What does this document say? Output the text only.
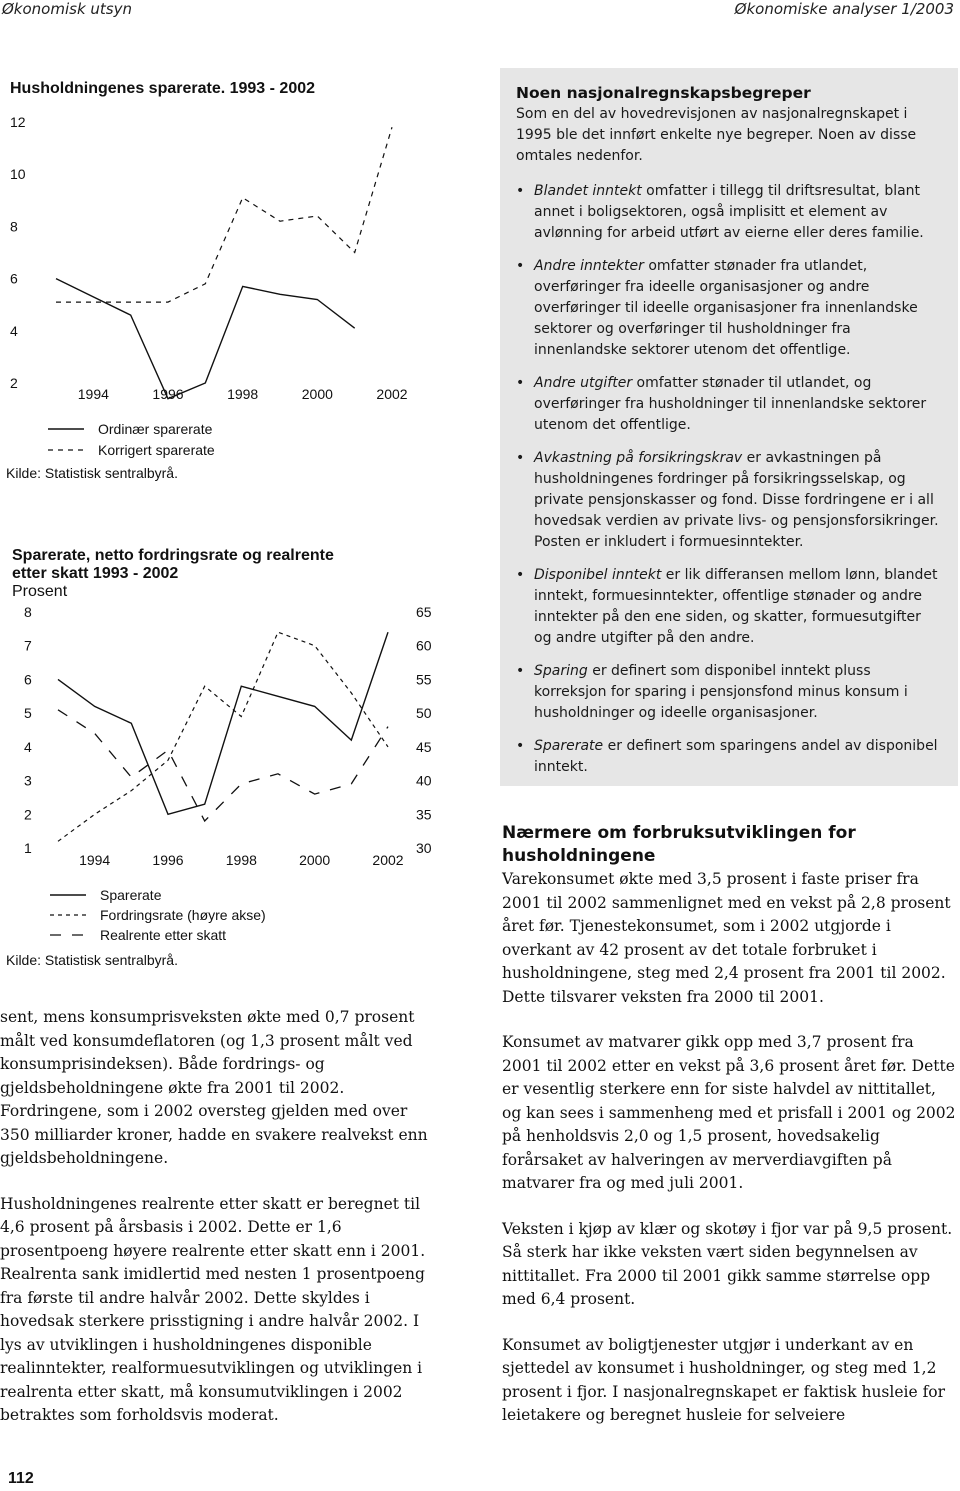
Økonomisk utsyn	Økonomiske analyser 1/2003
Husholdningenes sparerate. 1993 - 2002
12
10
8
6
4
2
1994	1996	1998	2000	2002
Ordinær sparerate
Korrigert sparerate
Kilde: Statistisk sentralbyrå.
Sparerate, netto fordringsrate og realrente
etter skatt 1993 - 2002
Prosent
8
7
6
5
4
3
2
1
65
60
55
50
45
40
35
30
1994	1996	1998	2000	2002
Sparerate
Fordringsrate (høyre akse)
Realrente etter skatt
Kilde: Statistisk sentralbyrå.

sent, mens konsumprisveksten økte med 0,7 prosent målt ved konsumdeflatoren (og 1,3 prosent målt ved konsumprisindeksen). Både fordrings- og gjeldsbeholdningene økte fra 2001 til 2002. Fordringene, som i 2002 oversteg gjelden med over 350 milliarder kroner, hadde en svakere realvekst enn gjeldsbeholdningene.

Husholdningenes realrente etter skatt er beregnet til 4,6 prosent på årsbasis i 2002. Dette er 1,6 prosentpoeng høyere realrente etter skatt enn i 2001. Realrenta sank imidlertid med nesten 1 prosentpoeng fra første til andre halvår 2002. Dette skyldes i hovedsak sterkere prisstigning i andre halvår 2002. I lys av utviklingen i husholdningenes disponible realinntekter, realformuesutviklingen og utviklingen i realrenta etter skatt, må konsumutviklingen i 2002 betraktes som forholdsvis moderat.

Noen nasjonalregnskapsbegreper

Som en del av hovedrevisjonen av nasjonalregnskapet i 1995 ble det innført enkelte nye begreper. Noen av disse omtales nedenfor.

• Blandet inntekt omfatter i tillegg til driftsresultat, blant annet i boligsektoren, også implisitt et element av avlønning for arbeid utført av eierne eller deres familie.
• Andre inntekter omfatter stønader fra utlandet, overføringer fra ideelle organisasjoner og andre overføringer til ideelle organisasjoner fra innenlandske sektorer og overføringer til husholdninger fra innenlandske sektorer utenom det offentlige.
• Andre utgifter omfatter stønader til utlandet, og overføringer fra husholdninger til innenlandske sektorer utenom det offentlige.
• Avkastning på forsikringskrav er avkastningen på husholdningenes fordringer på forsikringsselskap, og private pensjonskasser og fond. Disse fordringene er i all hovedsak verdien av private livs- og pensjonsforsikringer. Posten er inkludert i formuesinntekter.
• Disponibel inntekt er lik differansen mellom lønn, blandet inntekt, formuesinntekter, offentlige stønader og andre inntekter på den ene siden, og skatter, formuesutgifter og andre utgifter på den andre.
• Sparing er definert som disponibel inntekt pluss korreksjon for sparing i pensjonsfond minus konsum i husholdninger og ideelle organisasjoner.
• Sparerate er definert som sparingens andel av disponibel inntekt.
Nærmere om forbruksutviklingen for husholdningene

Varekonsumet økte med 3,5 prosent i faste priser fra 2001 til 2002 sammenlignet med en vekst på 2,8 prosent året før. Tjenestekonsumet, som i 2002 utgjorde i overkant av 42 prosent av det totale forbruket i husholdningene, steg med 2,4 prosent fra 2001 til 2002. Dette tilsvarer veksten fra 2000 til 2001.

Konsumet av matvarer gikk opp med 3,7 prosent fra 2001 til 2002 etter en vekst på 3,6 prosent året før. Dette er vesentlig sterkere enn for siste halvdel av nittitallet, og kan sees i sammenheng med et prisfall i 2001 og 2002 på henholdsvis 2,0 og 1,5 prosent, hovedsakelig forårsaket av halveringen av merverdiavgiften på matvarer fra og med juli 2001.

Veksten i kjøp av klær og skotøy i fjor var på 9,5 prosent. Så sterk har ikke veksten vært siden begynnelsen av nittitallet. Fra 2000 til 2001 gikk samme størrelse opp med 6,4 prosent.

Konsumet av boligtjenester utgjør i underkant av en sjettedel av konsumet i husholdninger, og steg med 1,2 prosent i fjor. I nasjonalregnskapet er faktisk husleie for leietakere og beregnet husleie for selveiere

112
